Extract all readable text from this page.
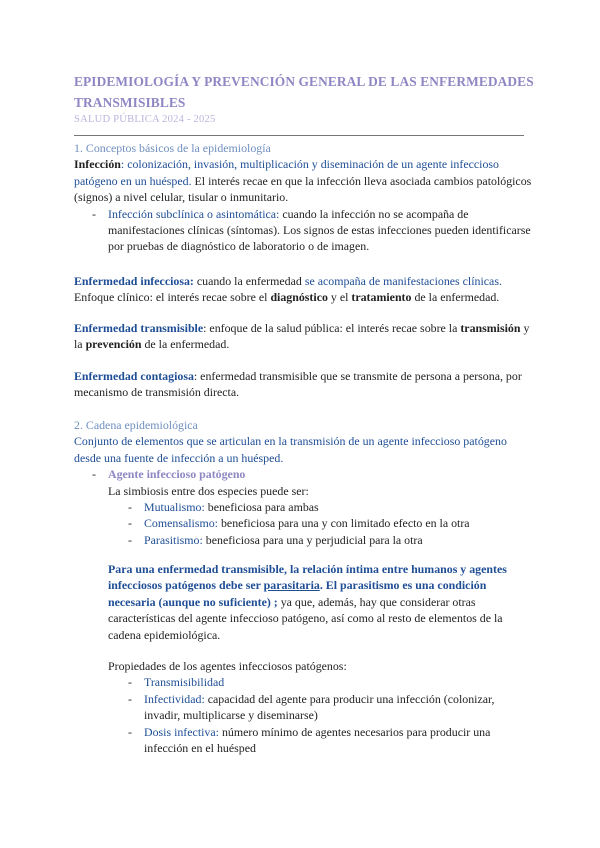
EPIDEMIOLOGÍA Y PREVENCIÓN GENERAL DE LAS ENFERMEDADES TRANSMISIBLES
SALUD PÚBLICA 2024 - 2025
1. Conceptos básicos de la epidemiología
Infección: colonización, invasión, multiplicación y diseminación de un agente infeccioso patógeno en un huésped. El interés recae en que la infección lleva asociada cambios patológicos (signos) a nivel celular, tisular o inmunitario.
- Infección subclínica o asintomática: cuando la infección no se acompaña de manifestaciones clínicas (síntomas). Los signos de estas infecciones pueden identificarse por pruebas de diagnóstico de laboratorio o de imagen.
Enfermedad infecciosa: cuando la enfermedad se acompaña de manifestaciones clínicas. Enfoque clínico: el interés recae sobre el diagnóstico y el tratamiento de la enfermedad.
Enfermedad transmisible: enfoque de la salud pública: el interés recae sobre la transmisión y la prevención de la enfermedad.
Enfermedad contagiosa: enfermedad transmisible que se transmite de persona a persona, por mecanismo de transmisión directa.
2. Cadena epidemiológica
Conjunto de elementos que se articulan en la transmisión de un agente infeccioso patógeno desde una fuente de infección a un huésped.
- Agente infeccioso patógeno
La simbiosis entre dos especies puede ser:
- Mutualismo: beneficiosa para ambas
- Comensalismo: beneficiosa para una y con limitado efecto en la otra
- Parasitismo: beneficiosa para una y perjudicial para la otra
Para una enfermedad transmisible, la relación íntima entre humanos y agentes infecciosos patógenos debe ser parasitaria. El parasitismo es una condición necesaria (aunque no suficiente) ; ya que, además, hay que considerar otras características del agente infeccioso patógeno, así como al resto de elementos de la cadena epidemiológica.
Propiedades de los agentes infecciosos patógenos:
- Transmisibilidad
- Infectividad: capacidad del agente para producir una infección (colonizar, invadir, multiplicarse y diseminarse)
- Dosis infectiva: número mínimo de agentes necesarios para producir una infección en el huésped
